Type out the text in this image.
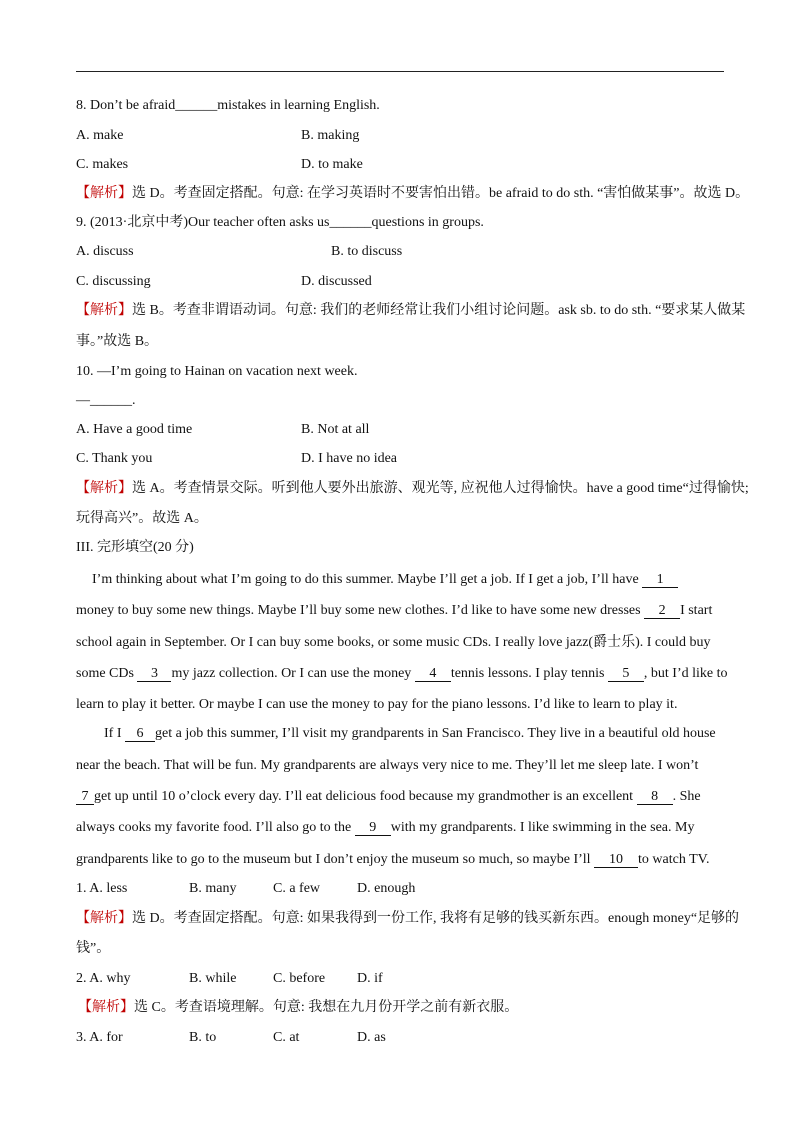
8. Don’t be afraid______mistakes in learning English.
A. make	B. making
C. makes	D. to make
【解析】选 D。考查固定搭配。句意: 在学习英语时不要害怕出错。be afraid to do sth. “害怕做某事”。故选 D。
9. (2013·北京中考)Our teacher often asks us______questions in groups.
A. discuss	B. to discuss
C. discussing	D. discussed
【解析】选 B。考查非谓语动词。句意: 我们的老师经常让我们小组讨论问题。ask sb. to do sth. “要求某人做某
事。”故选 B。
10. —I’m going to Hainan on vacation next week.
—______.
A. Have a good time	B. Not at all
C. Thank you	D. I have no idea
【解析】选 A。考查情景交际。听到他人要外出旅游、观光等, 应祝他人过得愉快。have a good time“过得愉快;
玩得高兴”。故选 A。
III. 完形填空(20 分)
I’m thinking about what I’m going to do this summer. Maybe I’ll get a job. If I get a job, I’ll have 1
money to buy some new things. Maybe I’ll buy some new clothes. I’d like to have some new dresses 2 I start
school again in September. Or I can buy some books, or some music CDs. I really love jazz(爵士乐). I could buy
some CDs 3 my jazz collection. Or I can use the money 4 tennis lessons. I play tennis 5 , but I’d like to
learn to play it better. Or maybe I can use the money to pay for the piano lessons. I’d like to learn to play it.
If I 6 get a job this summer, I’ll visit my grandparents in San Francisco. They live in a beautiful old house
near the beach. That will be fun. My grandparents are always very nice to me. They’ll let me sleep late. I won’t
7 get up until 10 o’clock every day. I’ll eat delicious food because my grandmother is an excellent 8 . She
always cooks my favorite food. I’ll also go to the 9 with my grandparents. I like swimming in the sea. My
grandparents like to go to the museum but I don’t enjoy the museum so much, so maybe I’ll 10 to watch TV.
1. A. less	B. many	C. a few	D. enough
【解析】选 D。考查固定搭配。句意: 如果我得到一份工作, 我将有足够的钱买新东西。enough money“足够的
钱”。
2. A. why	B. while	C. before D. if
【解析】选 C。考查语境理解。句意: 我想在九月份开学之前有新衣服。
3. A. for	B. to	C. at	D. as
